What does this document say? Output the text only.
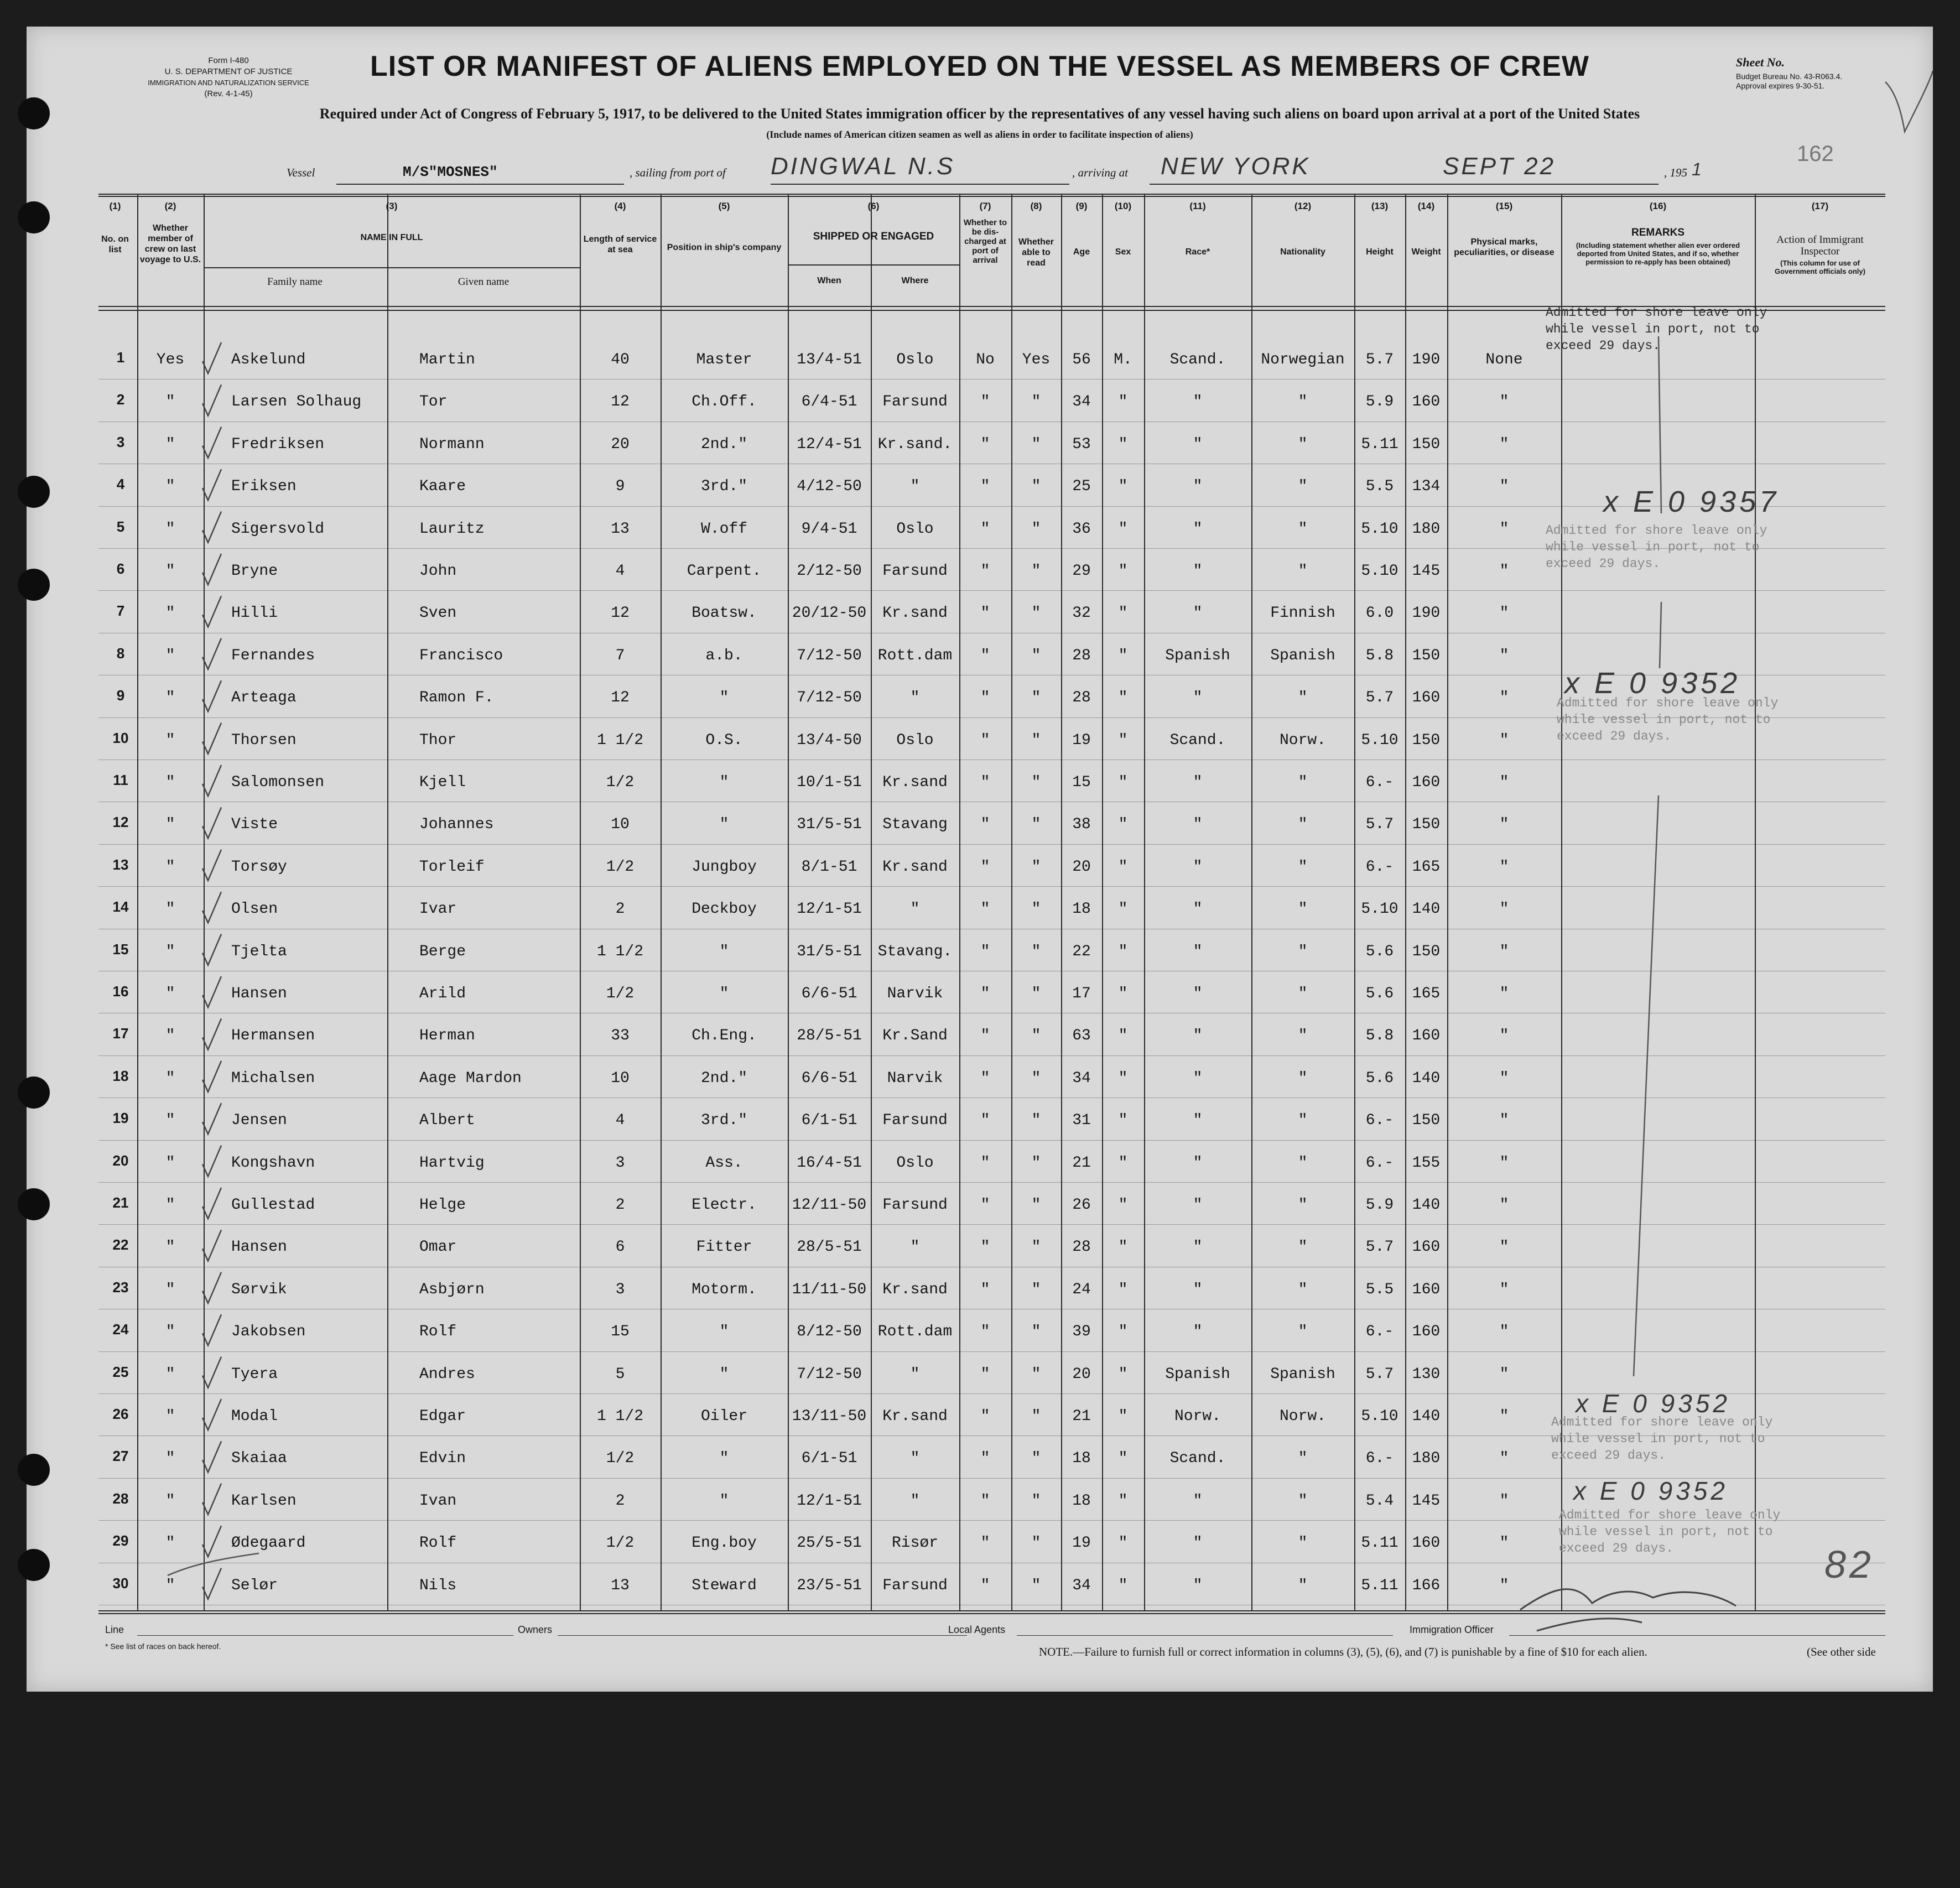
Form I-480
U. S. DEPARTMENT OF JUSTICE
IMMIGRATION AND NATURALIZATION SERVICE
(Rev. 4-1-45)
LIST OR MANIFEST OF ALIENS EMPLOYED ON THE VESSEL AS MEMBERS OF CREW	Sheet No.
Budget Bureau No. 43-R063.4.
Approval expires 9-30-51.
Required under Act of Congress of February 5, 1917, to be delivered to the United States immigration officer by the representatives of any vessel having such aliens on board upon arrival at a port of the United States
(Include names of American citizen seamen as well as aliens in order to facilitate inspection of aliens)
162
Vessel	M/S"MOSNES"	, sailing from port of DINGWAL N.S	, arriving at NEW YORK	SEPT 22	, 195 1
(1)
No. on list
(2)
Whether member of crew on last voyage to U.S.
(3)
NAME IN FULL
Family name	Given name
(4)
Length of service at sea
(5)
Position in ship's company
(6)
SHIPPED OR ENGAGED
When	Where
(7)
Whether to be dis-charged at port of arrival
(8)
Whether able to read
(9)
Age
(10)
Sex
(11)
Race*
(12)
Nationality
(13)
Height
(14)
Weight
(15)
Physical marks, peculiarities, or disease
(16)
REMARKS
(Including statement whether alien ever ordered deported from United States, and if so, whether permission to re-apply has been obtained)
(17)
Action of Immigrant Inspector
(This column for use of Government officials only)
1	Yes	Askelund	Martin	40	Master	13/4-51	Oslo	No	Yes	56	M.	Scand.	Norwegian	5.7	190	None
2	"	Larsen Solhaug	Tor	12	Ch.Off.	6/4-51	Farsund	"	"	34	"	"	"	5.9	160	"
3	"	Fredriksen	Normann	20	2nd."	12/4-51	Kr.sand.	"	"	53	"	"	"	5.11 150	"
4	"	Eriksen	Kaare	9	3rd."	4/12-50	"	"	"	25	"	"	"	5.5	134	"
5	"	Sigersvold	Lauritz	13	W.off	9/4-51	Oslo	"	"	36	"	"	"	5.10 180	"
6	"	Bryne	John	4	Carpent.	2/12-50	Farsund	"	"	29	"	"	"	5.10 145	"
7	"	Hilli	Sven	12	Boatsw.	20/12-50	Kr.sand	"	"	32	"	"	Finnish	6.0	190	"
8	"	Fernandes	Francisco	7	a.b.	7/12-50	Rott.dam	"	"	28	"	Spanish	Spanish	5.8	150	"
9	"	Arteaga	Ramon F.	12	"	7/12-50	"	"	"	28	"	"	"	5.7	160	"
10	"	Thorsen	Thor	1 1/2	O.S.	13/4-50	Oslo	"	"	19	"	Scand.	Norw.	5.10 150	"
11	"	Salomonsen	Kjell	1/2	"	10/1-51	Kr.sand	"	"	15	"	"	"	6.-	160	"
12	"	Viste	Johannes	10	"	31/5-51	Stavang	"	"	38	"	"	"	5.7	150	"
13	"	Torsøy	Torleif	1/2	Jungboy	8/1-51	Kr.sand	"	"	20	"	"	"	6.-	165	"
14	"	Olsen	Ivar	2	Deckboy	12/1-51	"	"	"	18	"	"	"	5.10 140	"
15	"	Tjelta	Berge	1 1/2	"	31/5-51	Stavang.	"	"	22	"	"	"	5.6	150	"
16	"	Hansen	Arild	1/2	"	6/6-51	Narvik	"	"	17	"	"	"	5.6	165	"
17	"	Hermansen	Herman	33	Ch.Eng.	28/5-51	Kr.Sand	"	"	63	"	"	"	5.8	160	"
18	"	Michalsen	Aage Mardon	10	2nd."	6/6-51	Narvik	"	"	34	"	"	"	5.6	140	"
19	"	Jensen	Albert	4	3rd."	6/1-51	Farsund	"	"	31	"	"	"	6.-	150	"
20	"	Kongshavn	Hartvig	3	Ass.	16/4-51	Oslo	"	"	21	"	"	"	6.-	155	"
21	"	Gullestad	Helge	2	Electr.	12/11-50	Farsund	"	"	26	"	"	"	5.9	140	"
22	"	Hansen	Omar	6	Fitter	28/5-51	"	"	"	28	"	"	"	5.7	160	"
23	"	Sørvik	Asbjørn	3	Motorm.	11/11-50	Kr.sand	"	"	24	"	"	"	5.5	160	"
24	"	Jakobsen	Rolf	15	"	8/12-50	Rott.dam	"	"	39	"	"	"	6.-	160	"
25	"	Tyera	Andres	5	"	7/12-50	"	"	"	20	"	Spanish	Spanish	5.7	130	"
26	"	Modal	Edgar	1 1/2	Oiler	13/11-50	Kr.sand	"	"	21	"	Norw.	Norw.	5.10 140	"
27	"	Skaiaa	Edvin	1/2	"	6/1-51	"	"	"	18	"	Scand.	"	6.-	180	"
28	"	Karlsen	Ivan	2	"	12/1-51	"	"	"	18	"	"	"	5.4	145	"
29	"	Ødegaard	Rolf	1/2	Eng.boy	25/5-51	Risør	"	"	19	"	"	"	5.11 160	"
30	"	Selør	Nils	13	Steward	23/5-51	Farsund	"	"	34	"	"	"	5.11 166	"
Admitted for shore leave only
while vessel in port, not to
exceed 29 days.
x E 0 9357
Admitted for shore leave only
while vessel in port, not to
exceed 29 days.
x E 0 9352
Admitted for shore leave only
while vessel in port, not to
exceed 29 days.
x E 0 9352
Admitted for shore leave only
while vessel in port, not to
exceed 29 days.
x E 0 9352
Admitted for shore leave only
while vessel in port, not to
exceed 29 days.	82
Line	Owners	Local Agents	Immigration Officer
* See list of races on back hereof.	NOTE.—Failure to furnish full or correct information in columns (3), (5), (6), and (7) is punishable by a fine of $10 for each alien.	(See other side
